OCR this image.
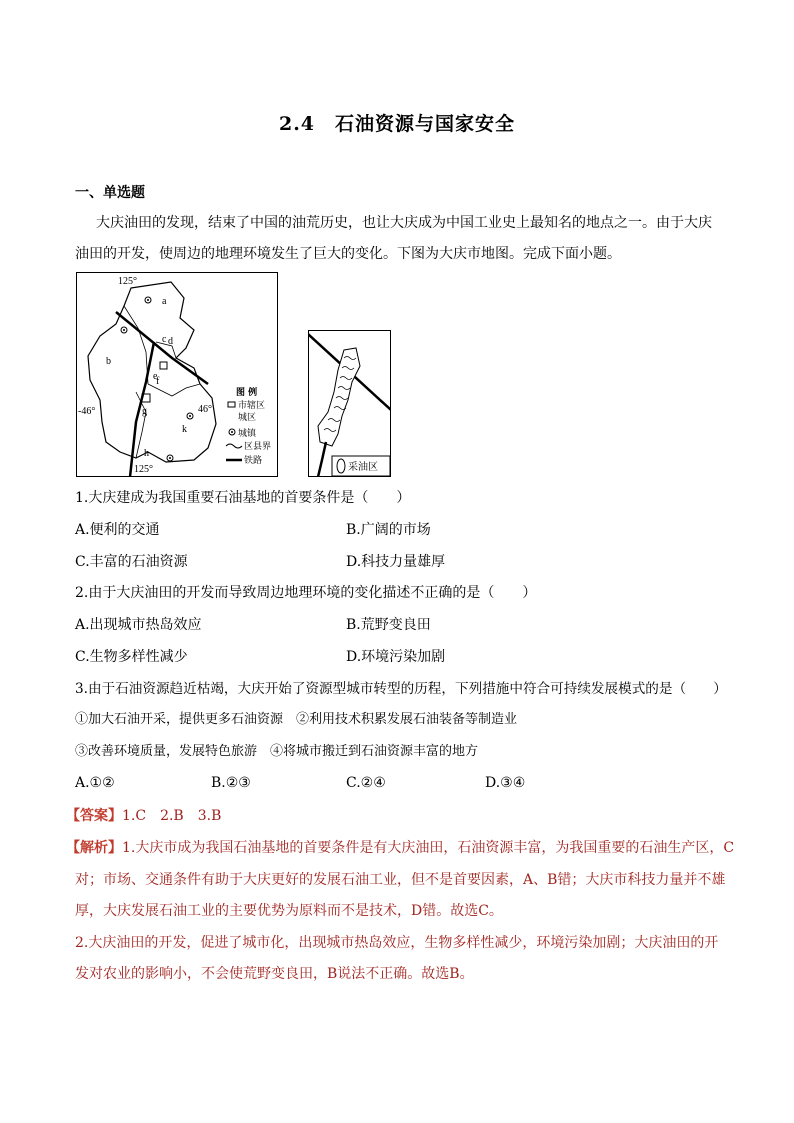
2.4　石油资源与国家安全
一、单选题
大庆油田的发现，结束了中国的油荒历史，也让大庆成为中国工业史上最知名的地点之一。由于大庆
油田的开发，使周边的地理环境发生了巨大的变化。下图为大庆市地图。完成下面小题。
125°
125°
-46°	46°
a
b
c d
e
f
g
h
k
图 例
市辖区
城区
城镇
区县界
铁路
采油区
1.大庆建成为我国重要石油基地的首要条件是（　　）
A.便利的交通	B.广阔的市场
C.丰富的石油资源	D.科技力量雄厚
2.由于大庆油田的开发而导致周边地理环境的变化描述不正确的是（　　）
A.出现城市热岛效应	B.荒野变良田
C.生物多样性减少	D.环境污染加剧
3.由于石油资源趋近枯竭，大庆开始了资源型城市转型的历程，下列措施中符合可持续发展模式的是（　　）
①加大石油开采，提供更多石油资源　②利用技术积累发展石油装备等制造业
③改善环境质量，发展特色旅游　④将城市搬迁到石油资源丰富的地方
A.①②	B.②③	C.②④	D.③④
【答案】1.C　2.B　3.B
【解析】1.大庆市成为我国石油基地的首要条件是有大庆油田，石油资源丰富，为我国重要的石油生产区，C
对；市场、交通条件有助于大庆更好的发展石油工业，但不是首要因素，A、B错；大庆市科技力量并不雄
厚，大庆发展石油工业的主要优势为原料而不是技术，D错。故选C。
2.大庆油田的开发，促进了城市化，出现城市热岛效应，生物多样性减少，环境污染加剧；大庆油田的开
发对农业的影响小，不会使荒野变良田，B说法不正确。故选B。
